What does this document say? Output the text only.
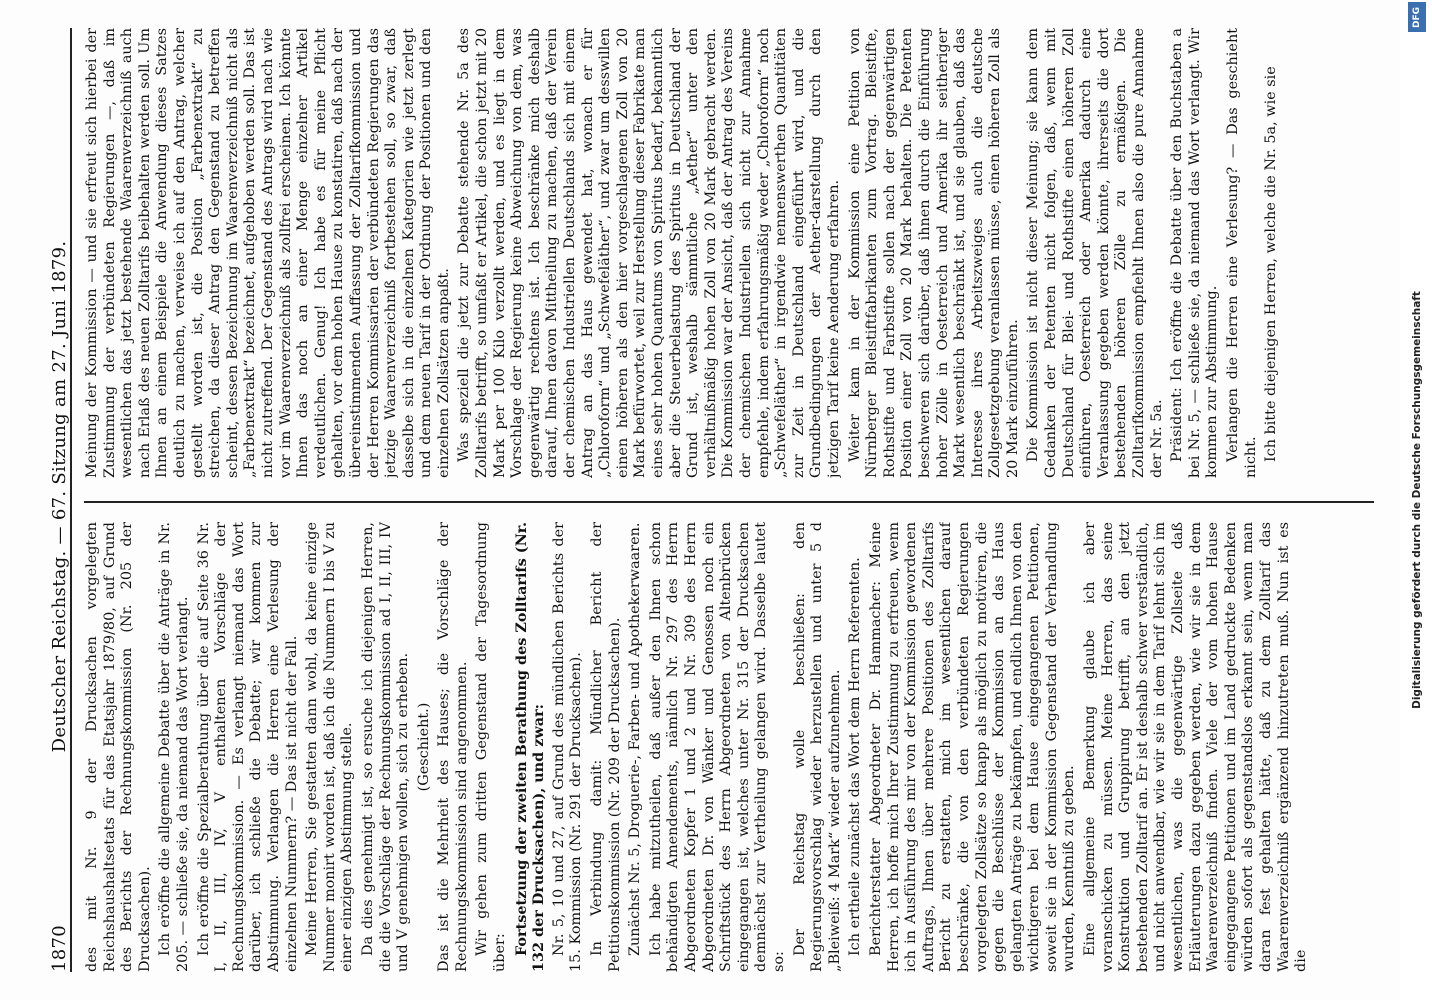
1870
Deutscher Reichstag. — 67. Sitzung am 27. Juni 1879. des mit Nr. 9 der Drucksachen vorgelegten Reichshaushaltsetats für das Etatsjahr 1879/80, auf Grund des Berichts der Rechnungskommission (Nr. 205 der Drucksachen). Ich eröffne die allgemeine Debatte über die Anträge in Nr. 205. — schließe sie, da niemand das Wort verlangt. Ich eröffne die Spezialberathung über die auf Seite 36 Nr. I, II, III, IV, V enthaltenen Vorschläge der Rechnungskommission. — Es verlangt niemand das Wort darüber, ich schließe die Debatte; wir kommen zur Abstimmung. Verlangen die Herren eine Verlesung der einzelnen Nummern? — Das ist nicht der Fall. Meine Herren, Sie gestatten dann wohl, da keine einzige Nummer monirt worden ist, daß ich die Nummern I bis V zu einer einzigen Abstimmung stelle. Da dies genehmigt ist, so ersuche ich diejenigen Herren, die die Vorschläge der Rechnungskommission ad I, II, III, IV und V genehmigen wollen, sich zu erheben. (Geschieht.) Das ist die Mehrheit des Hauses; die Vorschläge der Rechnungskommission sind angenommen. Wir gehen zum dritten Gegenstand der Tagesordnung über: Fortsetzung der zweiten Berathung des Zolltarifs (Nr. 132 der Drucksachen), und zwar: Nr. 5, 10 und 27, auf Grund des mündlichen Berichts der 15. Kommission (Nr. 291 der Drucksachen). In Verbindung damit: Mündlicher Bericht der Petitionskommission (Nr. 209 der Drucksachen). Zunächst Nr. 5, Droguerie-, Farben- und Apothekerwaaren. Ich habe mitzutheilen, daß außer den Ihnen schon behändigten Amendements, nämlich Nr. 297 des Herrn Abgeordneten Kopfer 1 und 2 und Nr. 309 des Herrn Abgeordneten Dr. von Wänker und Genossen noch ein Schriftstück des Herrn Abgeordneten von Altenbrücken eingegangen ist, welches unter Nr. 315 der Drucksachen demnächst zur Vertheilung gelangen wird. Dasselbe lautet so:

Der Reichstag wolle beschließen: den Regierungsvorschlag wieder herzustellen und unter 5 d „Bleiweiß: 4 Mark“ wieder aufzunehmen. Ich ertheile zunächst das Wort dem Herrn Referenten. Berichterstatter Abgeordneter Dr. Hammacher: Meine Herren, ich hoffe mich Ihrer Zustimmung zu erfreuen, wenn ich in Ausführung des mir von der Kommission gewordenen Auftrags, Ihnen über mehrere Positionen des Zolltarifs Bericht zu erstatten, mich im wesentlichen darauf beschränke, die von den verbündeten Regierungen vorgelegten Zollsätze so knapp als möglich zu motiviren, die gegen die Beschlüsse der Kommission an das Haus gelangten Anträge zu bekämpfen, und endlich Ihnen von den wichtigeren bei dem Hause eingegangenen Petitionen, soweit sie in der Kommission Gegenstand der Verhandlung wurden, Kenntniß zu geben. Eine allgemeine Bemerkung glaube ich aber voranschicken zu müssen. Meine Herren, das seine Konstruktion und Gruppirung betrifft, an den jetzt bestehenden Zolltarif an. Er ist deshalb schwer verständlich, und nicht anwendbar, wie wir sie in dem Tarif lehnt sich im wesentlichen, was die gegenwärtige Zollseite daß Erläuterungen dazu gegeben werden, wie wir sie in dem Waarenverzeichniß finden. Viele der vom hohen Hause eingegangene Petitionen und im Land gedruckte Bedenken würden sofort als gegenstandslos erkannt sein, wenn man daran fest gehalten hätte, daß zu dem Zolltarif das Waarenverzeichniß ergänzend hinzutreten muß. Nun ist es die

Meinung der Kommission — und sie erfreut sich hierbei der Zustimmung der verbündeten Regierungen —, daß im wesentlichen das jetzt bestehende Waarenverzeichniß auch nach Erlaß des neuen Zolltarifs beibehalten werden soll. Um Ihnen an einem Beispiele die Anwendung dieses Satzes deutlich zu machen, verweise ich auf den Antrag, welcher gestellt worden ist, die Position „Farbenextrakt“ zu streichen, da dieser Antrag den Gegenstand zu betreffen scheint, dessen Bezeichnung im Waarenverzeichniß nicht als „Farbenextrakt“ bezeichnet, aufgehoben werden soll. Das ist nicht zutreffend. Der Gegenstand des Antrags wird nach wie vor im Waarenverzeichniß als zollfrei erscheinen. Ich könnte Ihnen das noch an einer Menge einzelner Artikel verdeutlichen. Genug! Ich habe es für meine Pflicht gehalten, vor dem hohen Hause zu konstatiren, daß nach der übereinstimmenden Auffassung der Zolltarifkommission und der Herren Kommissarien der verbündeten Regierungen das jetzige Waarenverzeichniß fortbestehen soll, so zwar, daß dasselbe sich in die einzelnen Kategorien wie jetzt zerlegt und dem neuen Tarif in der Ordnung der Positionen und den einzelnen Zollsätzen anpaßt. Was speziell die jetzt zur Debatte stehende Nr. 5a des Zolltarifs betrifft, so umfaßt er Artikel, die schon jetzt mit 20 Mark per 100 Kilo verzollt werden, und es liegt in dem Vorschlage der Regierung keine Abweichung von dem, was gegenwärtig rechtens ist. Ich beschränke mich deshalb darauf, Ihnen davon Mittheilung zu machen, daß der Verein der chemischen Industriellen Deutschlands sich mit einem Antrag an das Haus gewendet hat, wonach er für „Chloroform“ und „Schwefeläther“, und zwar um desswillen einen höheren als den hier vorgeschlagenen Zoll von 20 Mark befürwortet, weil zur Herstellung dieser Fabrikate man eines sehr hohen Quantums von Spiritus bedarf, bekanntlich aber die Steuerbelastung des Spiritus in Deutschland der Grund ist, weshalb sämmtliche „Aether“ unter den verhältnißmäßig hohen Zoll von 20 Mark gebracht werden. Die Kommission war der Ansicht, daß der Antrag des Vereins der chemischen Industriellen sich nicht zur Annahme empfehle, indem erfahrungsmäßig weder „Chloroform“ noch „Schwefeläther“ in irgendwie nennenswerthen Quantitäten zur Zeit in Deutschland eingeführt wird, und die Grundbedingungen der Aether-darstellung durch den jetzigen Tarif keine Aenderung erfahren. Weiter kam in der Kommission eine Petition von Nürnberger Bleistiftfabrikanten zum Vortrag. Bleistifte, Rothstifte und Farbstifte sollen nach der gegenwärtigen Position einer Zoll von 20 Mark behalten. Die Petenten beschweren sich darüber, daß ihnen durch die Einführung hoher Zölle in Oesterreich und Amerika ihr seitheriger Markt wesentlich beschränkt ist, und sie glauben, daß das Interesse ihres Arbeitszweiges auch die deutsche Zollgesetzgebung veranlassen müsse, einen höheren Zoll als 20 Mark einzuführen. Die Kommission ist nicht dieser Meinung; sie kann dem Gedanken der Petenten nicht folgen, daß, wenn mit Deutschland für Blei- und Rothstifte einen höheren Zoll einführen, Oesterreich oder Amerika dadurch eine Veranlassung gegeben werden könnte, ihrerseits die dort bestehenden höheren Zölle zu ermäßigen. Die Zolltarifkommission empfiehlt Ihnen also die pure Annahme der Nr. 5a. Präsident: Ich eröffne die Debatte über den Buchstaben a bei Nr. 5, — schließe sie, da niemand das Wort verlangt. Wir kommen zur Abstimmung. Verlangen die Herren eine Verlesung? — Das geschieht nicht. Ich bitte diejenigen Herren, welche die Nr. 5a, wie sie

DFG
Digitalisierung gefördert durch die Deutsche Forschungsgemeinschaft
